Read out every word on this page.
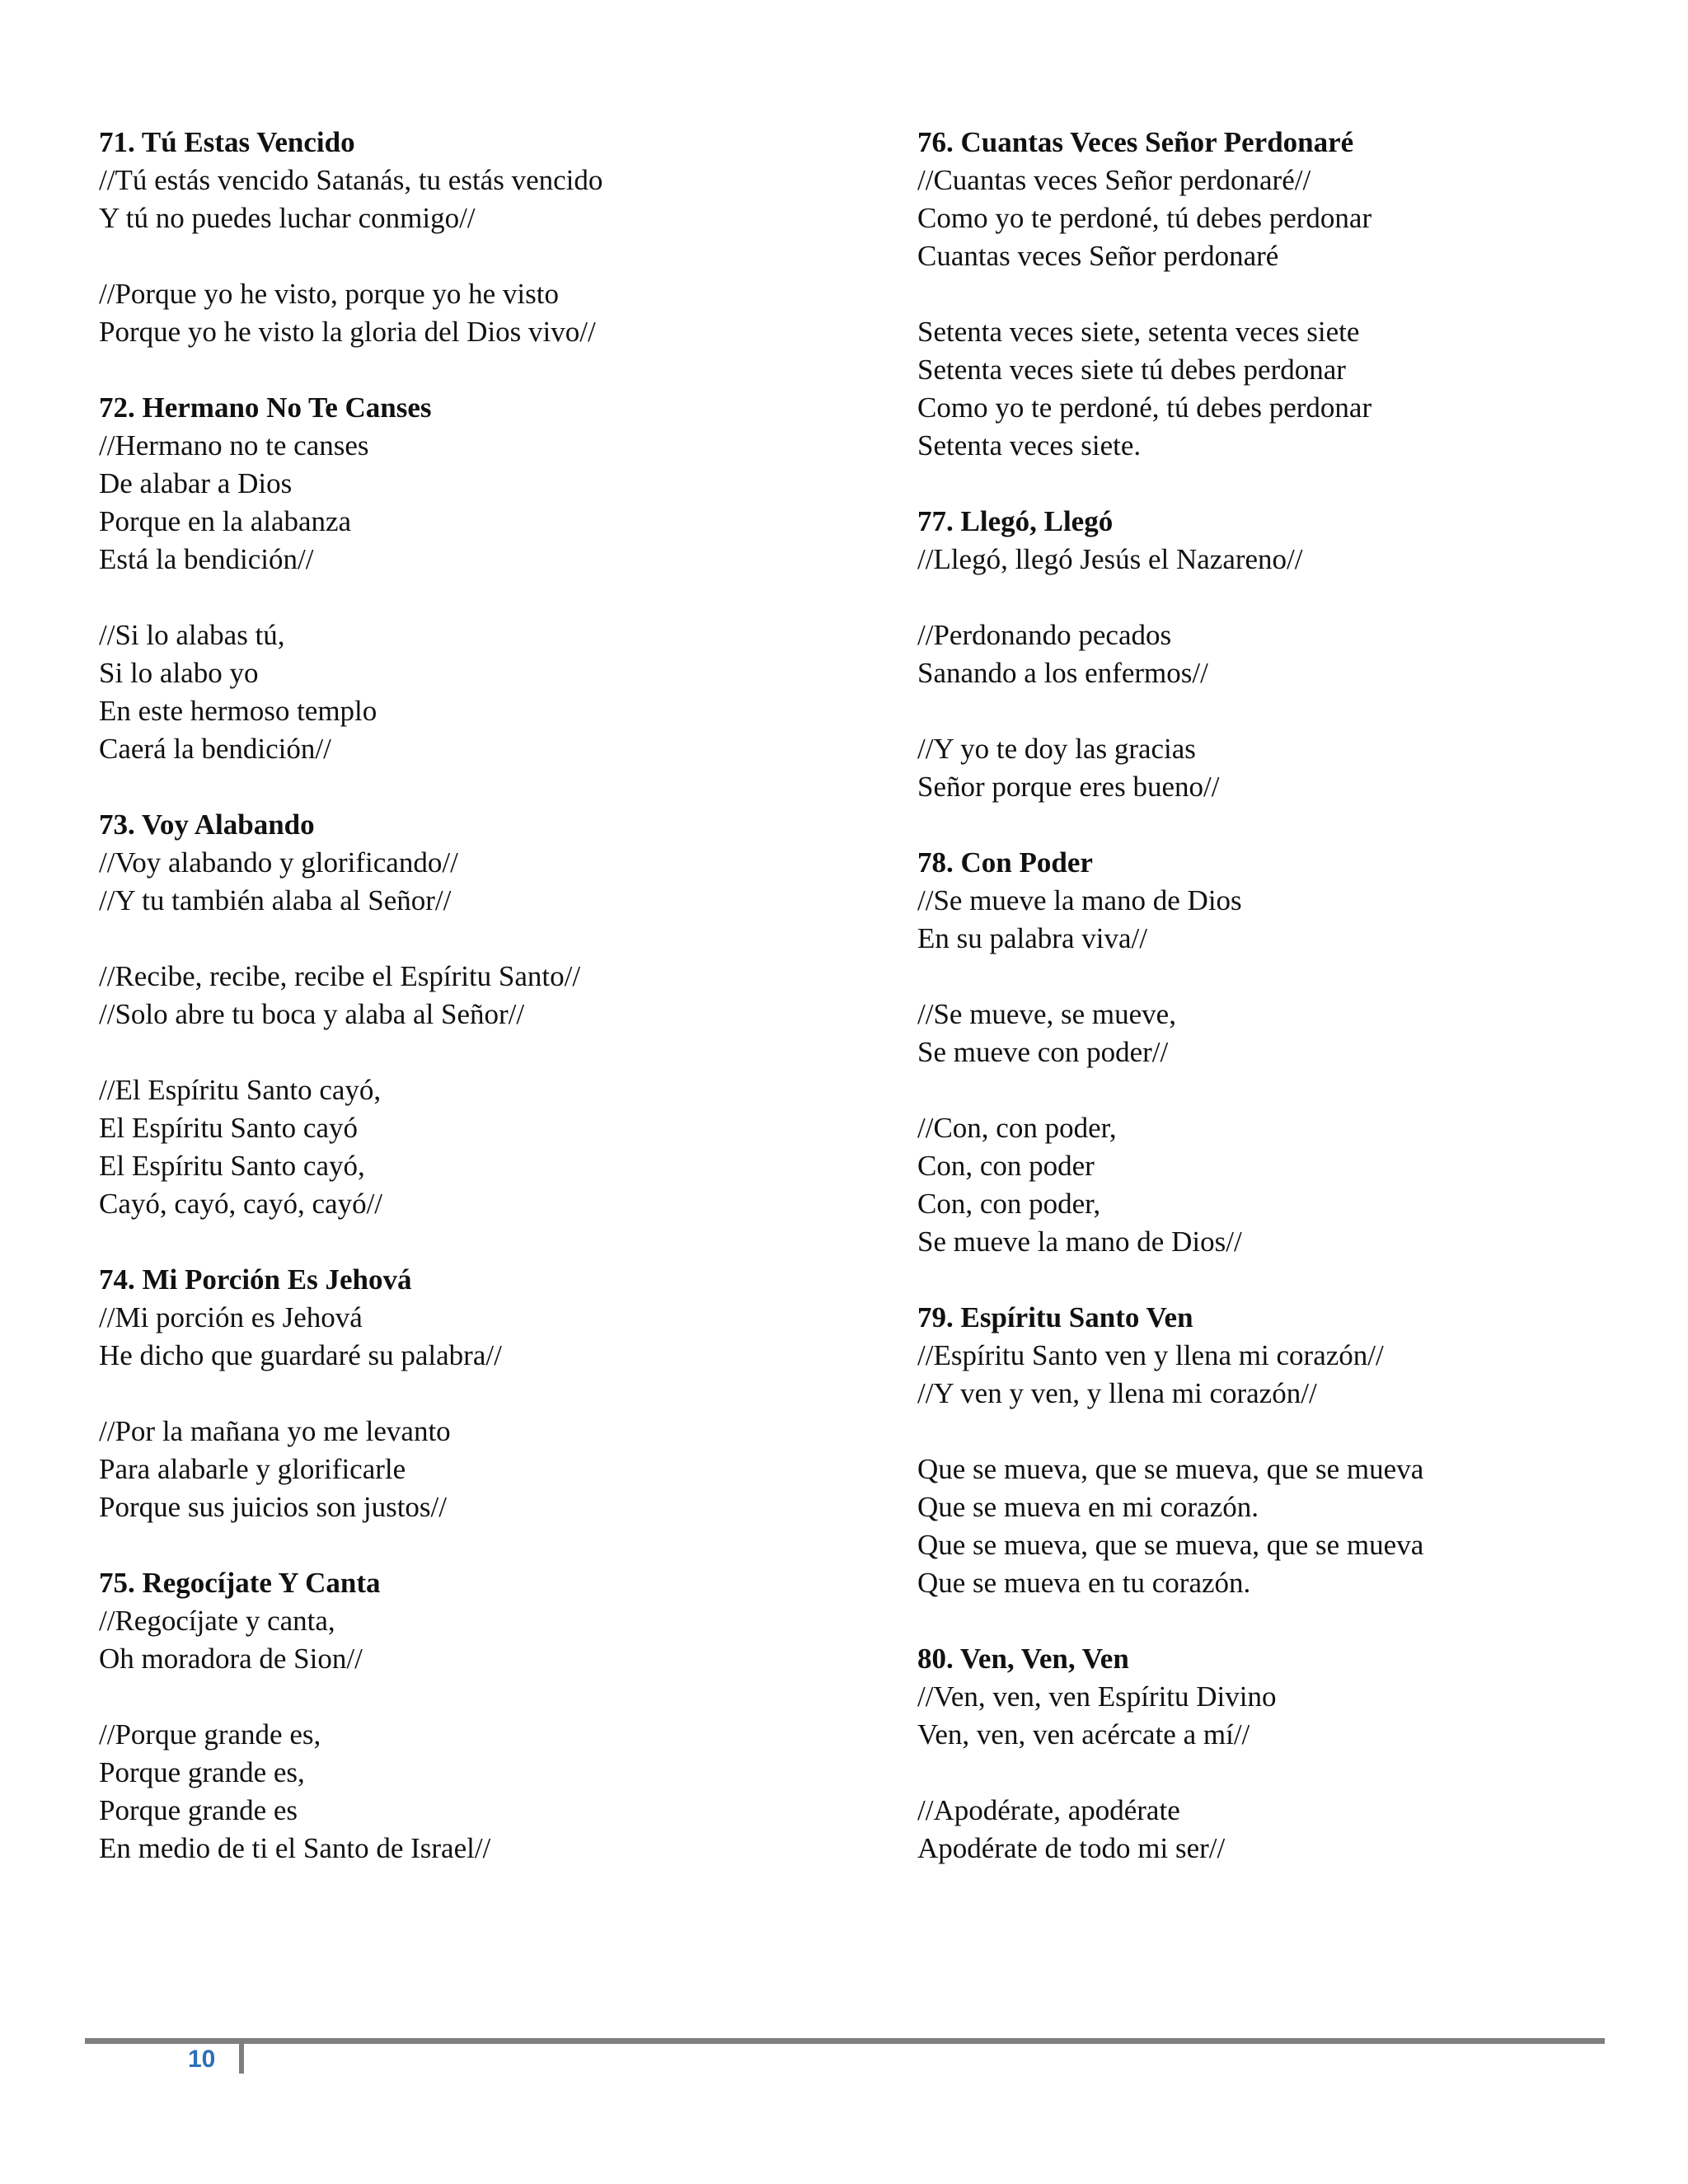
71. Tú Estas Vencido
//Tú estás vencido Satanás, tu estás vencido
Y tú no puedes luchar conmigo//
//Porque yo he visto, porque yo he visto
Porque yo he visto la gloria del Dios vivo//
72. Hermano No Te Canses
//Hermano no te canses
De alabar a Dios
Porque en la alabanza
Está la bendición//
//Si lo alabas tú,
Si lo alabo yo
En este hermoso templo
Caerá la bendición//
73. Voy Alabando
//Voy alabando y glorificando//
//Y tu también alaba al Señor//
//Recibe, recibe, recibe el Espíritu Santo//
//Solo abre tu boca y alaba al Señor//
//El Espíritu Santo cayó,
El Espíritu Santo cayó
El Espíritu Santo cayó,
Cayó, cayó, cayó, cayó//
74. Mi Porción Es Jehová
//Mi porción es Jehová
He dicho que guardaré su palabra//
//Por la mañana yo me levanto
Para alabarle y glorificarle
Porque sus juicios son justos//
75. Regocíjate Y Canta
//Regocíjate y canta,
Oh moradora de Sion//
//Porque grande es,
Porque grande es,
Porque grande es
En medio de ti el Santo de Israel//
76. Cuantas Veces Señor Perdonaré
//Cuantas veces Señor perdonaré//
Como yo te perdoné, tú debes perdonar
Cuantas veces Señor perdonaré
Setenta veces siete, setenta veces siete
Setenta veces siete tú debes perdonar
Como yo te perdoné, tú debes perdonar
Setenta veces siete.
77. Llegó, Llegó
//Llegó, llegó Jesús el Nazareno//
//Perdonando pecados
Sanando a los enfermos//
//Y yo te doy las gracias
Señor porque eres bueno//
78. Con Poder
//Se mueve la mano de Dios
En su palabra viva//
//Se mueve, se mueve,
Se mueve con poder//
//Con, con poder,
Con, con poder
Con, con poder,
Se mueve la mano de Dios//
79. Espíritu Santo Ven
//Espíritu Santo ven y llena mi corazón//
//Y ven y ven, y llena mi corazón//
Que se mueva, que se mueva, que se mueva
Que se mueva en mi corazón.
Que se mueva, que se mueva, que se mueva
Que se mueva en tu corazón.
80. Ven, Ven, Ven
//Ven, ven, ven Espíritu Divino
Ven, ven, ven acércate a mí//
//Apodérate, apodérate
Apodérate de todo mi ser//
10
